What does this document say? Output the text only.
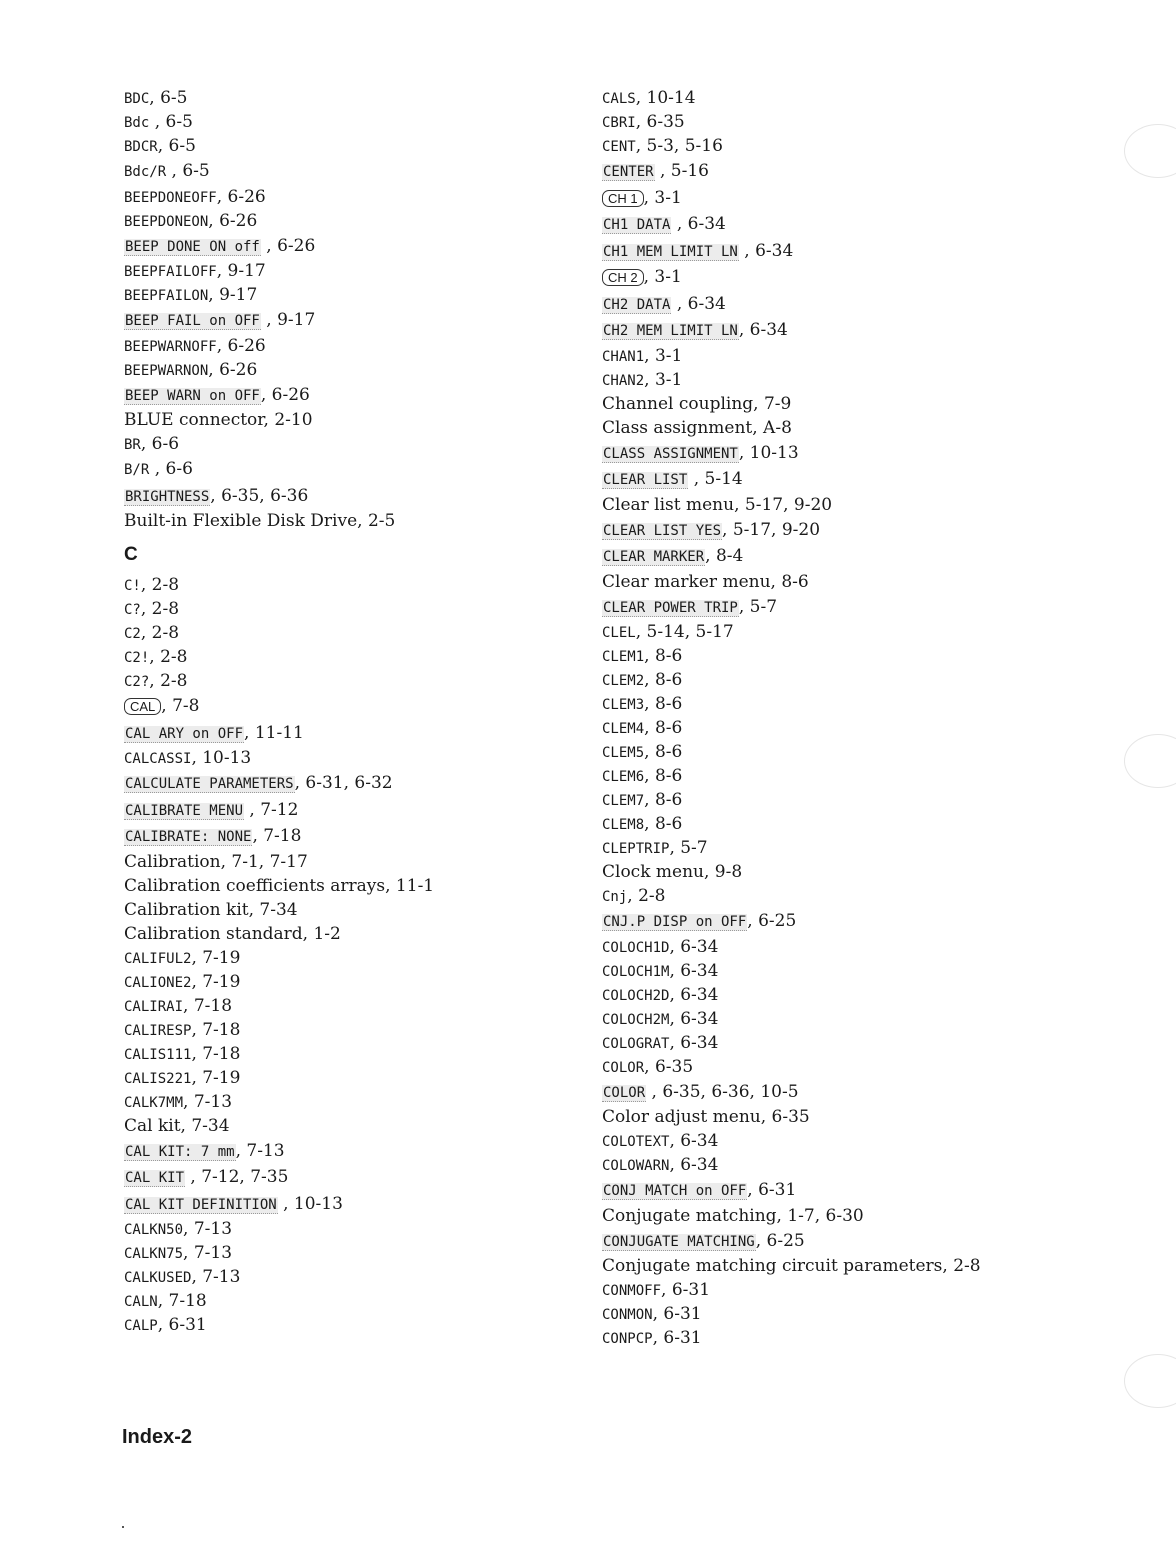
BDC, 6-5
Bdc , 6-5
BDCR, 6-5
Bdc/R , 6-5
BEEPDONEOFF, 6-26
BEEPDONEON, 6-26
BEEP DONE ON off , 6-26
BEEPFAILOFF, 9-17
BEEPFAILON, 9-17
BEEP FAIL on OFF , 9-17
BEEPWARNOFF, 6-26
BEEPWARNON, 6-26
BEEP WARN on OFF, 6-26
BLUE connector, 2-10
BR, 6-6
B/R , 6-6
BRIGHTNESS, 6-35, 6-36
Built-in Flexible Disk Drive, 2-5
C
C!, 2-8
C?, 2-8
C2, 2-8
C2!, 2-8
C2?, 2-8
CAL , 7-8
CAL ARY on OFF, 11-11
CALCASSI, 10-13
CALCULATE PARAMETERS, 6-31, 6-32
CALIBRATE MENU , 7-12
CALIBRATE: NONE, 7-18
Calibration, 7-1, 7-17
Calibration coefficients arrays, 11-1
Calibration kit, 7-34
Calibration standard, 1-2
CALIFUL2, 7-19
CALIONE2, 7-19
CALIRAI, 7-18
CALIRESP, 7-18
CALIS111, 7-18
CALIS221, 7-19
CALK7MM, 7-13
Cal kit, 7-34
CAL KIT: 7 mm, 7-13
CAL KIT , 7-12, 7-35
CAL KIT DEFINITION , 10-13
CALKN50, 7-13
CALKN75, 7-13
CALKUSED, 7-13
CALN, 7-18
CALP, 6-31
CALS, 10-14
CBRI, 6-35
CENT, 5-3, 5-16
CENTER , 5-16
CH 1 , 3-1
CH1 DATA , 6-34
CH1 MEM LIMIT LN , 6-34
CH 2 , 3-1
CH2 DATA , 6-34
CH2 MEM LIMIT LN, 6-34
CHAN1, 3-1
CHAN2, 3-1
Channel coupling, 7-9
Class assignment, A-8
CLASS ASSIGNMENT, 10-13
CLEAR LIST , 5-14
Clear list menu, 5-17, 9-20
CLEAR LIST YES, 5-17, 9-20
CLEAR MARKER, 8-4
Clear marker menu, 8-6
CLEAR POWER TRIP, 5-7
CLEL, 5-14, 5-17
CLEM1, 8-6
CLEM2, 8-6
CLEM3, 8-6
CLEM4, 8-6
CLEM5, 8-6
CLEM6, 8-6
CLEM7, 8-6
CLEM8, 8-6
CLEPTRIP, 5-7
Clock menu, 9-8
Cnj, 2-8
CNJ.P DISP on OFF, 6-25
COLOCH1D, 6-34
COLOCH1M, 6-34
COLOCH2D, 6-34
COLOCH2M, 6-34
COLOGRAT, 6-34
COLOR, 6-35
COLOR , 6-35, 6-36, 10-5
Color adjust menu, 6-35
COLOTEXT, 6-34
COLOWARN, 6-34
CONJ MATCH on OFF, 6-31
Conjugate matching, 1-7, 6-30
CONJUGATE MATCHING, 6-25
Conjugate matching circuit parameters, 2-8
CONMOFF, 6-31
CONMON, 6-31
CONPCP, 6-31
Index-2
